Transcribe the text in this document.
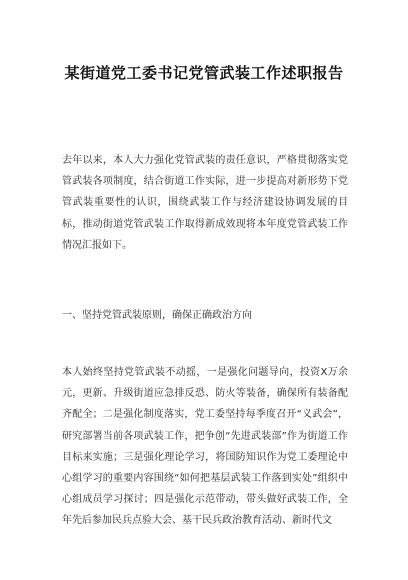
某街道党工委书记党管武装工作述职报告

去年以来，本人大力强化党管武装的责任意识，严格贯彻落实党管武装各项制度，结合街道工作实际，进一步提高对新形势下党管武装重要性的认识，围绕武装工作与经济建设协调发展的目标，推动街道党管武装工作取得新成效现将本年度党管武装工作情况汇报如下。

一、坚持党管武装原则，确保正确政治方向

本人始终坚持党管武装不动摇，一是强化问题导向，投资X万余元，更新、升级街道应急排反恐、防火等装备，确保所有装备配齐配全；二是强化制度落实，党工委坚持每季度召开“义武会”，研究部署当前各项武装工作，把争创“先进武装部”作为街道工作目标来实施；三是强化理论学习，将国防知识作为党工委理论中心组学习的重要内容围绕“如何把基层武装工作落到实处”组织中心组成员学习探讨；四是强化示范带动，带头做好武装工作，全年先后参加民兵点验大会、基干民兵政治教育活动、新时代文
